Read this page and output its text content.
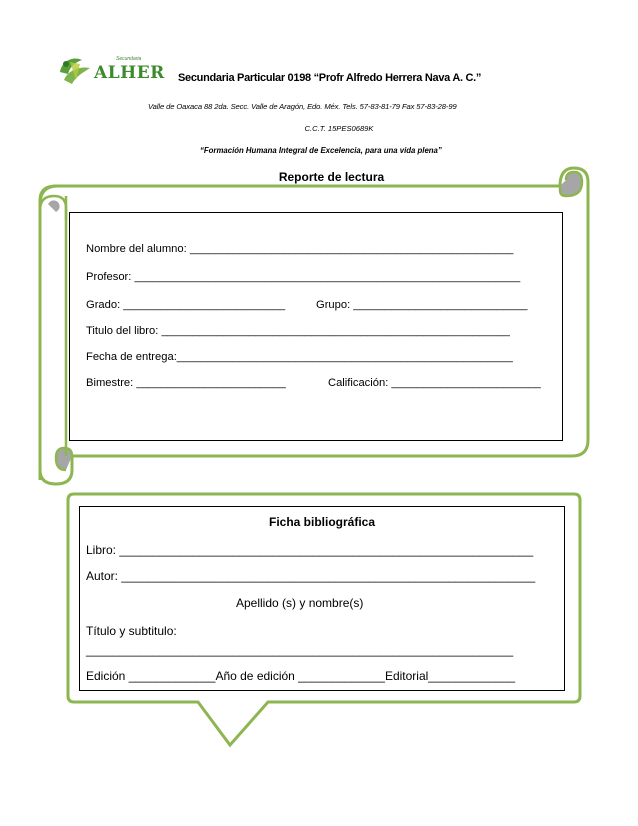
Secundaria
ALHER Secundaria Particular 0198 “Profr Alfredo Herrera Nava A. C.”
Valle de Oaxaca 88 2da. Secc. Valle de Aragón, Edo. Méx. Tels. 57-83-81-79 Fax 57-83-28-99
C.C.T. 15PES0689K
“Formación Humana Integral de Excelencia, para una vida plena”
Reporte de lectura
Nombre del alumno: ____________________________________________________
Profesor: ______________________________________________________________
Grado: __________________________	Grupo: ____________________________
Titulo del libro: ________________________________________________________
Fecha de entrega:______________________________________________________
Bimestre: ________________________	Calificación: ________________________
Ficha bibliográfica
Libro: ______________________________________________________________
Autor: ______________________________________________________________
Apellido (s) y nombre(s)
Título y subtitulo:
________________________________________________________________
Edición _____________Año de edición _____________Editorial_____________
